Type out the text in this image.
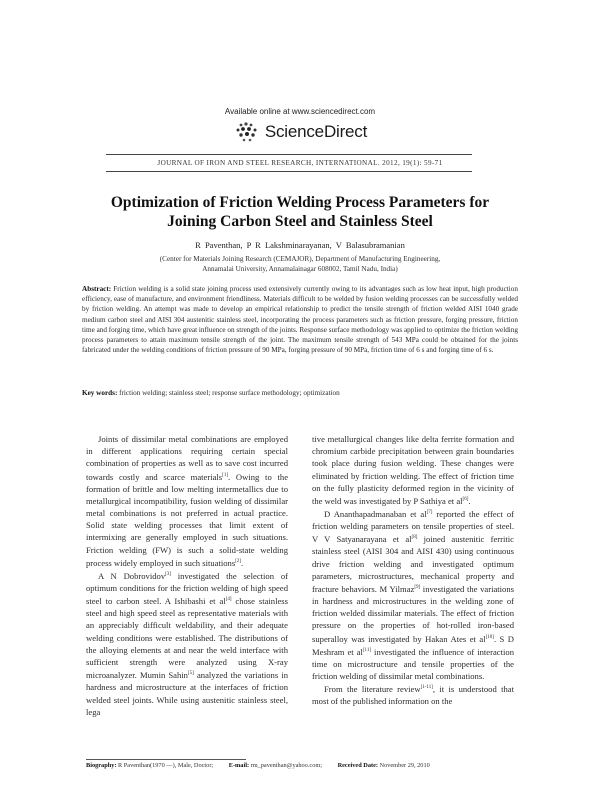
Available online at www.sciencedirect.com
ScienceDirect
JOURNAL OF IRON AND STEEL RESEARCH, INTERNATIONAL. 2012, 19(1): 59-71
Optimization of Friction Welding Process Parameters for
Joining Carbon Steel and Stainless Steel
R Paventhan, P R Lakshminarayanan, V Balasubramanian
(Center for Materials Joining Research (CEMAJOR), Department of Manufacturing Engineering,
Annamalai University, Annamalainagar 608002, Tamil Nadu, India)
Abstract: Friction welding is a solid state joining process used extensively currently owing to its advantages such as low heat input, high production efficiency, ease of manufacture, and environment friendliness. Materials difficult to be welded by fusion welding processes can be successfully welded by friction welding. An attempt was made to develop an empirical relationship to predict the tensile strength of friction welded AISI 1040 grade medium carbon steel and AISI 304 austenitic stainless steel, incorporating the process parameters such as friction pressure, forging pressure, friction time and forging time, which have great influence on strength of the joints. Response surface methodology was applied to optimize the friction welding process parameters to attain maximum tensile strength of the joint. The maximum tensile strength of 543 MPa could be obtained for the joints fabricated under the welding conditions of friction pressure of 90 MPa, forging pressure of 90 MPa, friction time of 6 s and forging time of 6 s.
Key words: friction welding; stainless steel; response surface methodology; optimization

Joints of dissimilar metal combinations are employed in different applications requiring certain special combination of properties as well as to save cost incurred towards costly and scarce materials[1]. Owing to the formation of brittle and low melting intermetallics due to metallurgical incompatibility, fusion welding of dissimilar metal combinations is not preferred in actual practice. Solid state welding processes that limit extent of intermixing are generally employed in such situations. Friction welding (FW) is such a solid-state welding process widely employed in such situations[2].

A N Dobrovidov[3] investigated the selection of optimum conditions for the friction welding of high speed steel to carbon steel. A Ishibashi et al[4] chose stainless steel and high speed steel as representative materials with an appreciably difficult weldability, and their adequate welding conditions were established. The distributions of the alloying elements at and near the weld interface with sufficient strength were analyzed using X-ray microanalyzer. Mumin Sahin[5] analyzed the variations in hardness and microstructure at the interfaces of friction welded steel joints. While using austenitic stainless steel, lega

tive metallurgical changes like delta ferrite formation and chromium carbide precipitation between grain boundaries took place during fusion welding. These changes were eliminated by friction welding. The effect of friction time on the fully plasticity deformed region in the vicinity of the weld was investigated by P Sathiya et al[6].

D Ananthapadmanaban et al[7] reported the effect of friction welding parameters on tensile properties of steel. V V Satyanarayana et al[8] joined austenitic ferritic stainless steel (AISI 304 and AISI 430) using continuous drive friction welding and investigated optimum parameters, microstructures, mechanical property and fracture behaviors. M Yilmaz[9] investigated the variations in hardness and microstructures in the welding zone of friction welded dissimilar materials. The effect of friction pressure on the properties of hot-rolled iron-based superalloy was investigated by Hakan Ates et al[10]. S D Meshram et al[11] investigated the influence of interaction time on microstructure and tensile properties of the friction welding of dissimilar metal combinations.

From the literature review[1-11], it is understood that most of the published information on the

Biography: R Paventhan(1970 —), Male, Doctor; E-mail: rm_paventhan@yahoo.com; Received Date: November 29, 2010
